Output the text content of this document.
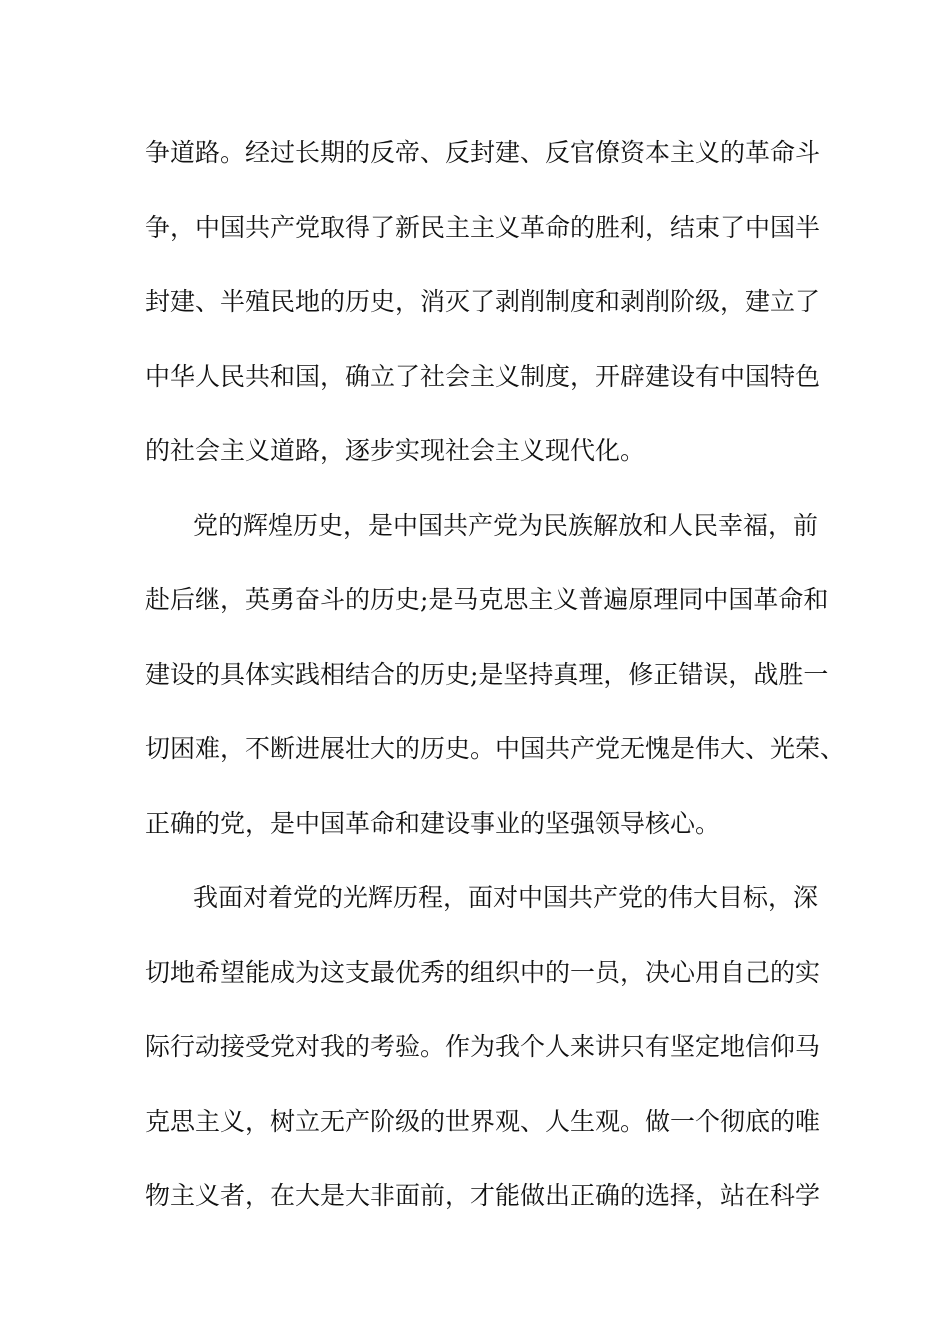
争道路。经过长期的反帝、反封建、反官僚资本主义的革命斗
争，中国共产党取得了新民主主义革命的胜利，结束了中国半
封建、半殖民地的历史，消灭了剥削制度和剥削阶级，建立了
中华人民共和国，确立了社会主义制度，开辟建设有中国特色
的社会主义道路，逐步实现社会主义现代化。
党的辉煌历史，是中国共产党为民族解放和人民幸福，前
赴后继，英勇奋斗的历史;是马克思主义普遍原理同中国革命和
建设的具体实践相结合的历史;是坚持真理，修正错误，战胜一
切困难，不断进展壮大的历史。中国共产党无愧是伟大、光荣、
正确的党，是中国革命和建设事业的坚强领导核心。
我面对着党的光辉历程，面对中国共产党的伟大目标，深
切地希望能成为这支最优秀的组织中的一员，决心用自己的实
际行动接受党对我的考验。作为我个人来讲只有坚定地信仰马
克思主义，树立无产阶级的世界观、人生观。做一个彻底的唯
物主义者，在大是大非面前，才能做出正确的选择，站在科学
